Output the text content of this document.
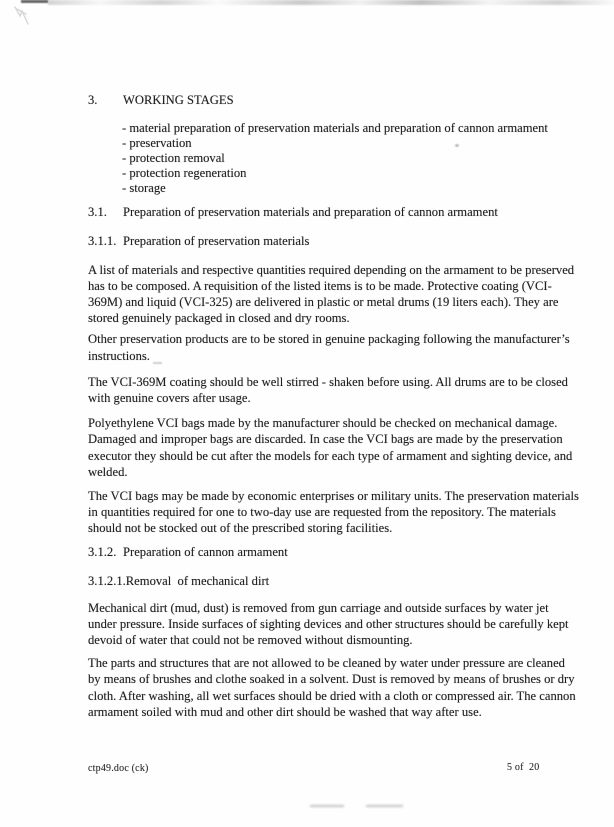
3. WORKING STAGES
- material preparation of preservation materials and preparation of cannon armament
- preservation
- protection removal
- protection regeneration
- storage
3.1. Preparation of preservation materials and preparation of cannon armament
3.1.1. Preparation of preservation materials
A list of materials and respective quantities required depending on the armament to be preserved
has to be composed. A requisition of the listed items is to be made. Protective coating (VCI-
369M) and liquid (VCI-325) are delivered in plastic or metal drums (19 liters each). They are
stored genuinely packaged in closed and dry rooms.
Other preservation products are to be stored in genuine packaging following the manufacturer’s
instructions.
The VCI-369M coating should be well stirred - shaken before using. All drums are to be closed
with genuine covers after usage.
Polyethylene VCI bags made by the manufacturer should be checked on mechanical damage.
Damaged and improper bags are discarded. In case the VCI bags are made by the preservation
executor they should be cut after the models for each type of armament and sighting device, and
welded.
The VCI bags may be made by economic enterprises or military units. The preservation materials
in quantities required for one to two-day use are requested from the repository. The materials
should not be stocked out of the prescribed storing facilities.
3.1.2. Preparation of cannon armament
3.1.2.1.Removal  of mechanical dirt
Mechanical dirt (mud, dust) is removed from gun carriage and outside surfaces by water jet
under pressure. Inside surfaces of sighting devices and other structures should be carefully kept
devoid of water that could not be removed without dismounting.
The parts and structures that are not allowed to be cleaned by water under pressure are cleaned
by means of brushes and clothe soaked in a solvent. Dust is removed by means of brushes or dry
cloth. After washing, all wet surfaces should be dried with a cloth or compressed air. The cannon
armament soiled with mud and other dirt should be washed that way after use.
ctp49.doc (ck)	5 of  20
